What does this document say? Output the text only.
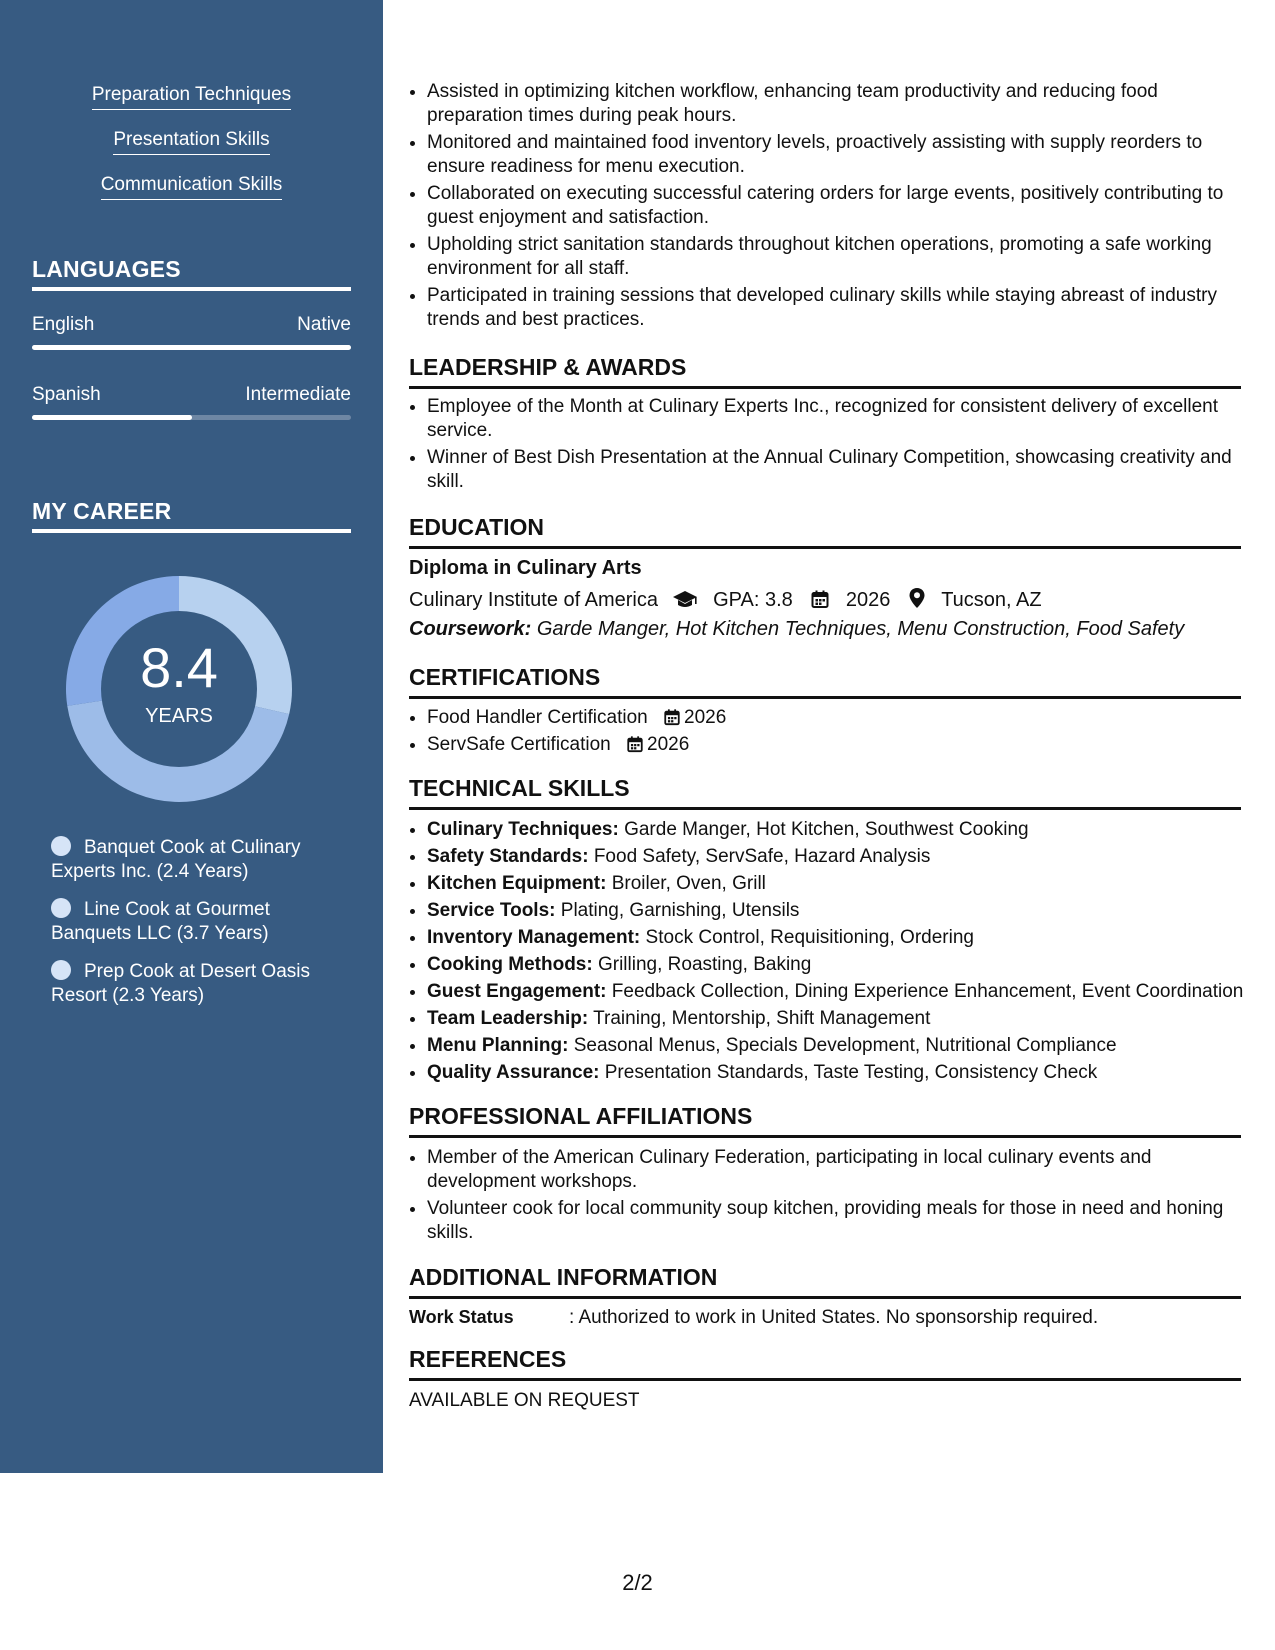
Preparation Techniques
Presentation Skills
Communication Skills
LANGUAGES
English	Native
Spanish	Intermediate
MY CAREER
8.4
YEARS
Banquet Cook at Culinary Experts Inc. (2.4 Years)
Line Cook at Gourmet Banquets LLC (3.7 Years)
Prep Cook at Desert Oasis Resort (2.3 Years)
• Assisted in optimizing kitchen workflow, enhancing team productivity and reducing food preparation times during peak hours.
• Monitored and maintained food inventory levels, proactively assisting with supply reorders to ensure readiness for menu execution.
• Collaborated on executing successful catering orders for large events, positively contributing to guest enjoyment and satisfaction.
• Upholding strict sanitation standards throughout kitchen operations, promoting a safe working environment for all staff.
• Participated in training sessions that developed culinary skills while staying abreast of industry trends and best practices.
LEADERSHIP & AWARDS
• Employee of the Month at Culinary Experts Inc., recognized for consistent delivery of excellent service.
• Winner of Best Dish Presentation at the Annual Culinary Competition, showcasing creativity and skill.
EDUCATION
Diploma in Culinary Arts
Culinary Institute of America	GPA: 3.8	2026	Tucson, AZ
Coursework: Garde Manger, Hot Kitchen Techniques, Menu Construction, Food Safety
CERTIFICATIONS
• Food Handler Certification 2026
• ServSafe Certification 2026
TECHNICAL SKILLS
• Culinary Techniques: Garde Manger, Hot Kitchen, Southwest Cooking
• Safety Standards: Food Safety, ServSafe, Hazard Analysis
• Kitchen Equipment: Broiler, Oven, Grill
• Service Tools: Plating, Garnishing, Utensils
• Inventory Management: Stock Control, Requisitioning, Ordering
• Cooking Methods: Grilling, Roasting, Baking
• Guest Engagement: Feedback Collection, Dining Experience Enhancement, Event Coordination
• Team Leadership: Training, Mentorship, Shift Management
• Menu Planning: Seasonal Menus, Specials Development, Nutritional Compliance
• Quality Assurance: Presentation Standards, Taste Testing, Consistency Check
PROFESSIONAL AFFILIATIONS
• Member of the American Culinary Federation, participating in local culinary events and development workshops.
• Volunteer cook for local community soup kitchen, providing meals for those in need and honing skills.
ADDITIONAL INFORMATION
Work Status	: Authorized to work in United States. No sponsorship required.
REFERENCES
AVAILABLE ON REQUEST
2/2
